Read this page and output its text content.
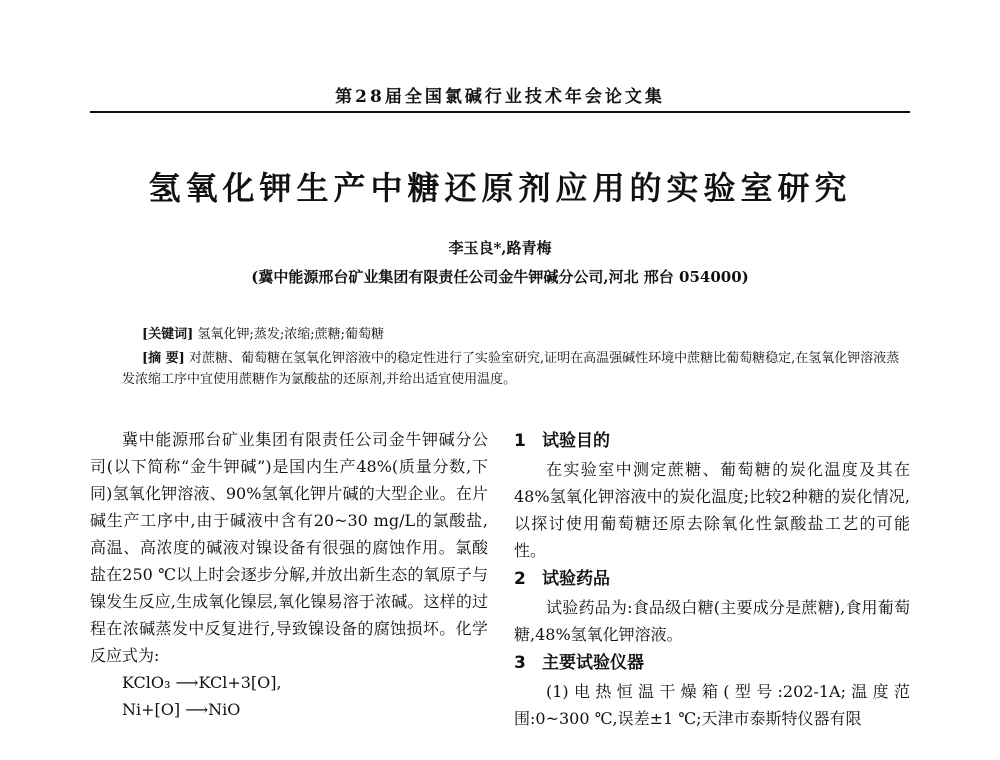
第28届全国氯碱行业技术年会论文集
氢氧化钾生产中糖还原剂应用的实验室研究
李玉良*,路青梅
(冀中能源邢台矿业集团有限责任公司金牛钾碱分公司,河北 邢台 054000)
[关键词] 氢氧化钾;蒸发;浓缩;蔗糖;葡萄糖
[摘 要] 对蔗糖、葡萄糖在氢氧化钾溶液中的稳定性进行了实验室研究,证明在高温强碱性环境中蔗糖比葡萄糖稳定,在氢氧化钾溶液蒸发浓缩工序中宜使用蔗糖作为氯酸盐的还原剂,并给出适宜使用温度。

冀中能源邢台矿业集团有限责任公司金牛钾碱分公司(以下简称“金牛钾碱”)是国内生产48%(质量分数,下同)氢氧化钾溶液、90%氢氧化钾片碱的大型企业。在片碱生产工序中,由于碱液中含有20~30 mg/L的氯酸盐,高温、高浓度的碱液对镍设备有很强的腐蚀作用。氯酸盐在250 ℃以上时会逐步分解,并放出新生态的氧原子与镍发生反应,生成氧化镍层,氧化镍易溶于浓碱。这样的过程在浓碱蒸发中反复进行,导致镍设备的腐蚀损坏。化学反应式为:

KClO₃ ⟶KCl+3[O],

Ni+[O] ⟶NiO

1 试验目的

在实验室中测定蔗糖、葡萄糖的炭化温度及其在48%氢氧化钾溶液中的炭化温度;比较2种糖的炭化情况,以探讨使用葡萄糖还原去除氧化性氯酸盐工艺的可能性。

2 试验药品

试验药品为:食品级白糖(主要成分是蔗糖),食用葡萄糖,48%氢氧化钾溶液。

3 主要试验仪器

(1)电热恒温干燥箱(型号:202-1A;温度范围:0~300 ℃,误差±1 ℃;天津市泰斯特仪器有限
